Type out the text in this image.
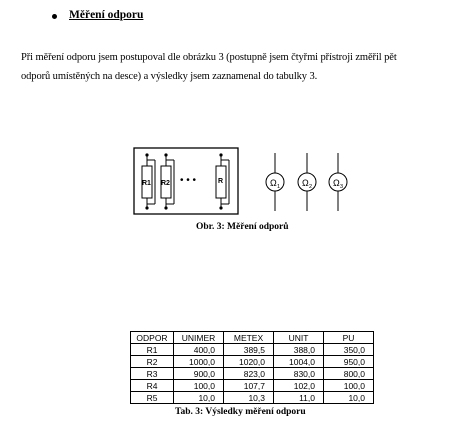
Měření odporu
Při měření odporu jsem postupoval dle obrázku 3 (postupně jsem čtyřmi přístroji změřil pět
odporů umístěných na desce) a výsledky jsem zaznamenal do tabulky 3.
R1 R2 • • •	R	Ω 1 Ω 2 Ω 3
Obr. 3: Měření odporů
ODPOR	UNIMER	METEX	UNIT	PU
R1	400,0	389,5	388,0	350,0
R2	1000,0	1020,0	1004,0	950,0
R3	900,0	823,0	830,0	800,0
R4	100,0	107,7	102,0	100,0
R5	10,0	10,3	11,0	10,0
Tab. 3: Výsledky měření odporu
